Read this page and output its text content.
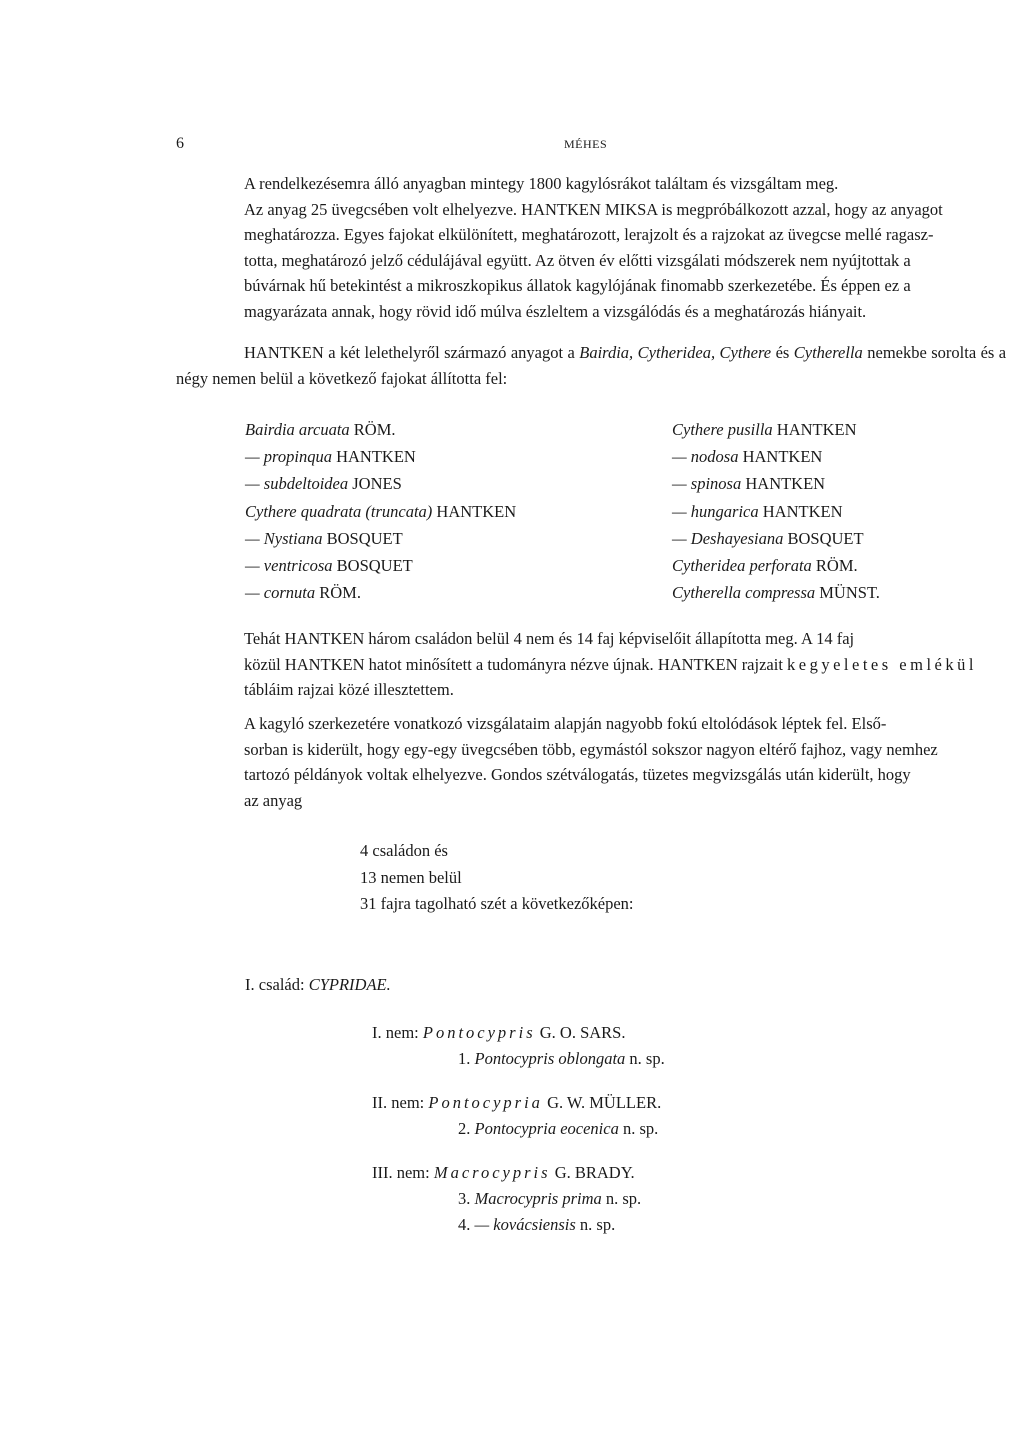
6	MÉHES

A rendelkezésemra álló anyagban mintegy 1800 kagylósrákot találtam és vizsgáltam meg.
Az anyag 25 üvegcsében volt elhelyezve. HANTKEN MIKSA is megpróbálkozott azzal, hogy az anyagot
meghatározza. Egyes fajokat elkülönített, meghatározott, lerajzolt és a rajzokat az üvegcse mellé ragasz-
totta, meghatározó jelző cédulájával együtt. Az ötven év előtti vizsgálati módszerek nem nyújtottak a
búvárnak hű betekintést a mikroszkopikus állatok kagylójának finomabb szerkezetébe. És éppen ez a
magyarázata annak, hogy rövid idő múlva észleltem a vizsgálódás és a meghatározás hiányait.

HANTKEN a két lelethelyről származó anyagot a Bairdia, Cytheridea, Cythere és Cytherella nemekbe sorolta és a négy nemen belül a következő fajokat állította fel:

Bairdia arcuata RÖM.
— propinqua HANTKEN
— subdeltoidea JONES
Cythere quadrata (truncata) HANTKEN
— Nystiana BOSQUET
— ventricosa BOSQUET
— cornuta RÖM.
Cythere pusilla HANTKEN
— nodosa HANTKEN
— spinosa HANTKEN
— hungarica HANTKEN
— Deshayesiana BOSQUET
Cytheridea perforata RÖM.
Cytherella compressa MÜNST.

Tehát HANTKEN három családon belül 4 nem és 14 faj képviselőit állapította meg. A 14 faj
közül HANTKEN hatot minősített a tudományra nézve újnak. HANTKEN rajzait kegyeletes emlékül
tábláim rajzai közé illesztettem.

A kagyló szerkezetére vonatkozó vizsgálataim alapján nagyobb fokú eltolódások léptek fel. Első-
sorban is kiderült, hogy egy-egy üvegcsében több, egymástól sokszor nagyon eltérő fajhoz, vagy nemhez
tartozó példányok voltak elhelyezve. Gondos szétválogatás, tüzetes megvizsgálás után kiderült, hogy
az anyag

4 családon és
13 nemen belül
31 fajra tagolható szét a következőképen:
I. család: CYPRIDAE.
I. nem: Pontocypris G. O. SARS.
1. Pontocypris oblongata n. sp.
II. nem: Pontocypria G. W. MÜLLER.
2. Pontocypria eocenica n. sp.
III. nem: Macrocypris G. BRADY.
3. Macrocypris prima n. sp.
4. — kovácsiensis n. sp.
